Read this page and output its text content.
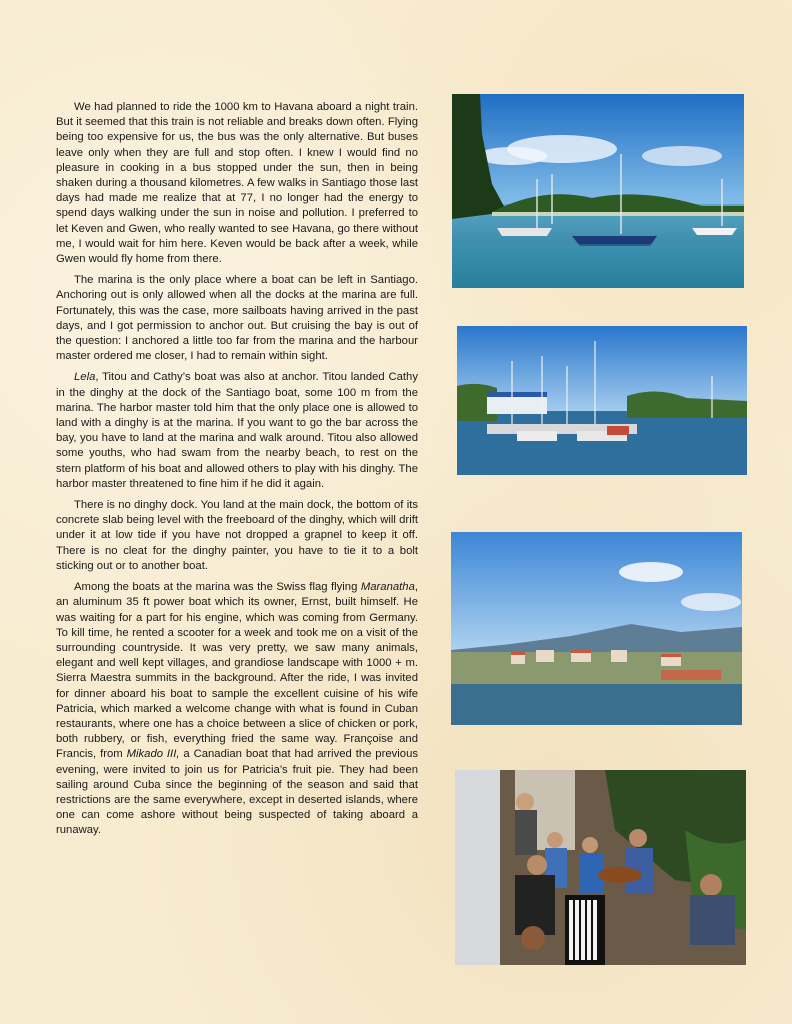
We had planned to ride the 1000 km to Havana aboard a night train. But it seemed that this train is not reliable and breaks down often. Flying being too expensive for us, the bus was the only alternative. But buses leave only when they are full and stop often. I knew I would find no pleasure in cooking in a bus stopped under the sun, then in being shaken during a thousand kilometres. A few walks in Santiago those last days had made me realize that at 77, I no longer had the energy to spend days walking under the sun in noise and pollution. I preferred to let Keven and Gwen, who really wanted to see Havana, go there without me, I would wait for him here. Keven would be back after a week, while Gwen would fly home from there.

The marina is the only place where a boat can be left in Santiago. Anchoring out is only allowed when all the docks at the marina are full. Fortunately, this was the case, more sailboats having arrived in the past days, and I got permission to anchor out. But cruising the bay is out of the question: I anchored a little too far from the marina and the harbour master ordered me closer, I had to remain within sight.

Lela, Titou and Cathy’s boat was also at anchor. Titou landed Cathy in the dinghy at the dock of the Santiago boat, some 100 m from the marina. The harbor master told him that the only place one is allowed to land with a dinghy is at the marina. If you want to go the bar across the bay, you have to land at the marina and walk around. Titou also allowed some youths, who had swam from the nearby beach, to rest on the stern platform of his boat and allowed others to play with his dinghy. The harbor master threatened to fine him if he did it again.

There is no dinghy dock. You land at the main dock, the bottom of its concrete slab being level with the freeboard of the dinghy, which will drift under it at low tide if you have not dropped a grapnel to keep it off. There is no cleat for the dinghy painter, you have to tie it to a bolt sticking out or to another boat.

Among the boats at the marina was the Swiss flag flying Maranatha, an aluminum 35 ft power boat which its owner, Ernst, built himself. He was waiting for a part for his engine, which was coming from Germany. To kill time, he rented a scooter for a week and took me on a visit of the surrounding countryside. It was very pretty, we saw many animals, elegant and well kept villages, and grandiose landscape with 1000 + m. Sierra Maestra summits in the background. After the ride, I was invited for dinner aboard his boat to sample the excellent cuisine of his wife Patricia, which marked a welcome change with what is found in Cuban restaurants, where one has a choice between a slice of chicken or pork, both rubbery, or fish, everything fried the same way. Françoise and Francis, from Mikado III, a Canadian boat that had arrived the previous evening, were invited to join us for Patricia’s fruit pie. They had been sailing around Cuba since the beginning of the season and said that restrictions are the same everywhere, except in deserted islands, where one can come ashore without being suspected of taking aboard a runaway.
